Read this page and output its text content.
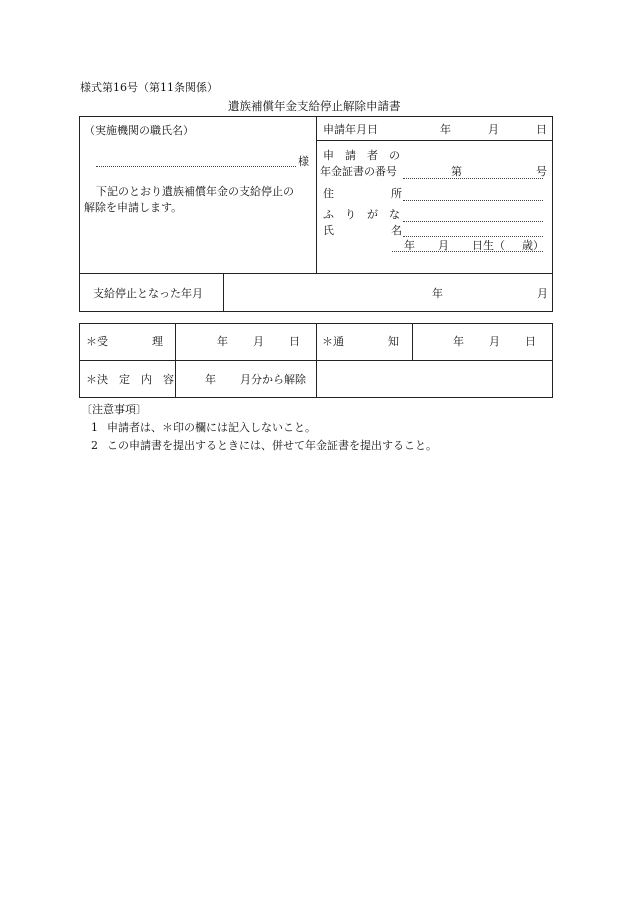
様式第16号（第11条関係）
遺族補償年金支給停止解除申請書
（実施機関の職氏名）
様
下記のとおり遺族補償年金の支給停止の
解除を申請します。
申請年月日	年	月	日
申　請　者　の
年金証書の番号	第	号
住	所
ふ　り　が　な
氏	名
年 月 日生（ 歳）
支給停止となった年月	年	月
＊受　　　　理	年 月 日 ＊通　　　　知	年 月 日
＊決　定　内　容	年 月分から解除
〔注意事項〕
1 申請者は、＊印の欄には記入しないこと。
2 この申請書を提出するときには、併せて年金証書を提出すること。
